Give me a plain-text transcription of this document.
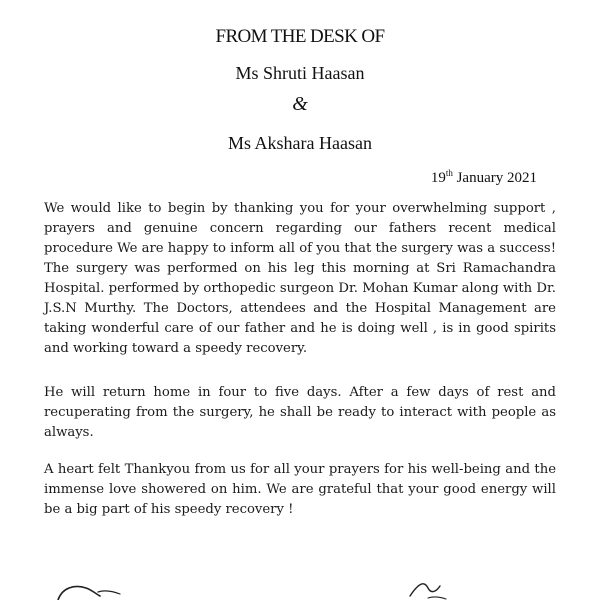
FROM THE DESK OF
Ms Shruti Haasan
&
Ms Akshara Haasan
19th January 2021

We would like to begin by thanking you for your overwhelming support , prayers and genuine concern regarding our fathers recent medical procedure We are happy to inform all of you that the surgery was a success! The surgery was performed on his leg this morning at Sri Ramachandra Hospital. performed by orthopedic surgeon Dr. Mohan Kumar along with Dr. J.S.N Murthy. The Doctors, attendees and the Hospital Management are taking wonderful care of our father and he is doing well , is in good spirits and working toward a speedy recovery.

He will return home in four to five days. After a few days of rest and recuperating from the surgery, he shall be ready to interact with people as always.

A heart felt Thankyou from us for all your prayers for his well-being and the immense love showered on him. We are grateful that your good energy will be a big part of his speedy recovery !
